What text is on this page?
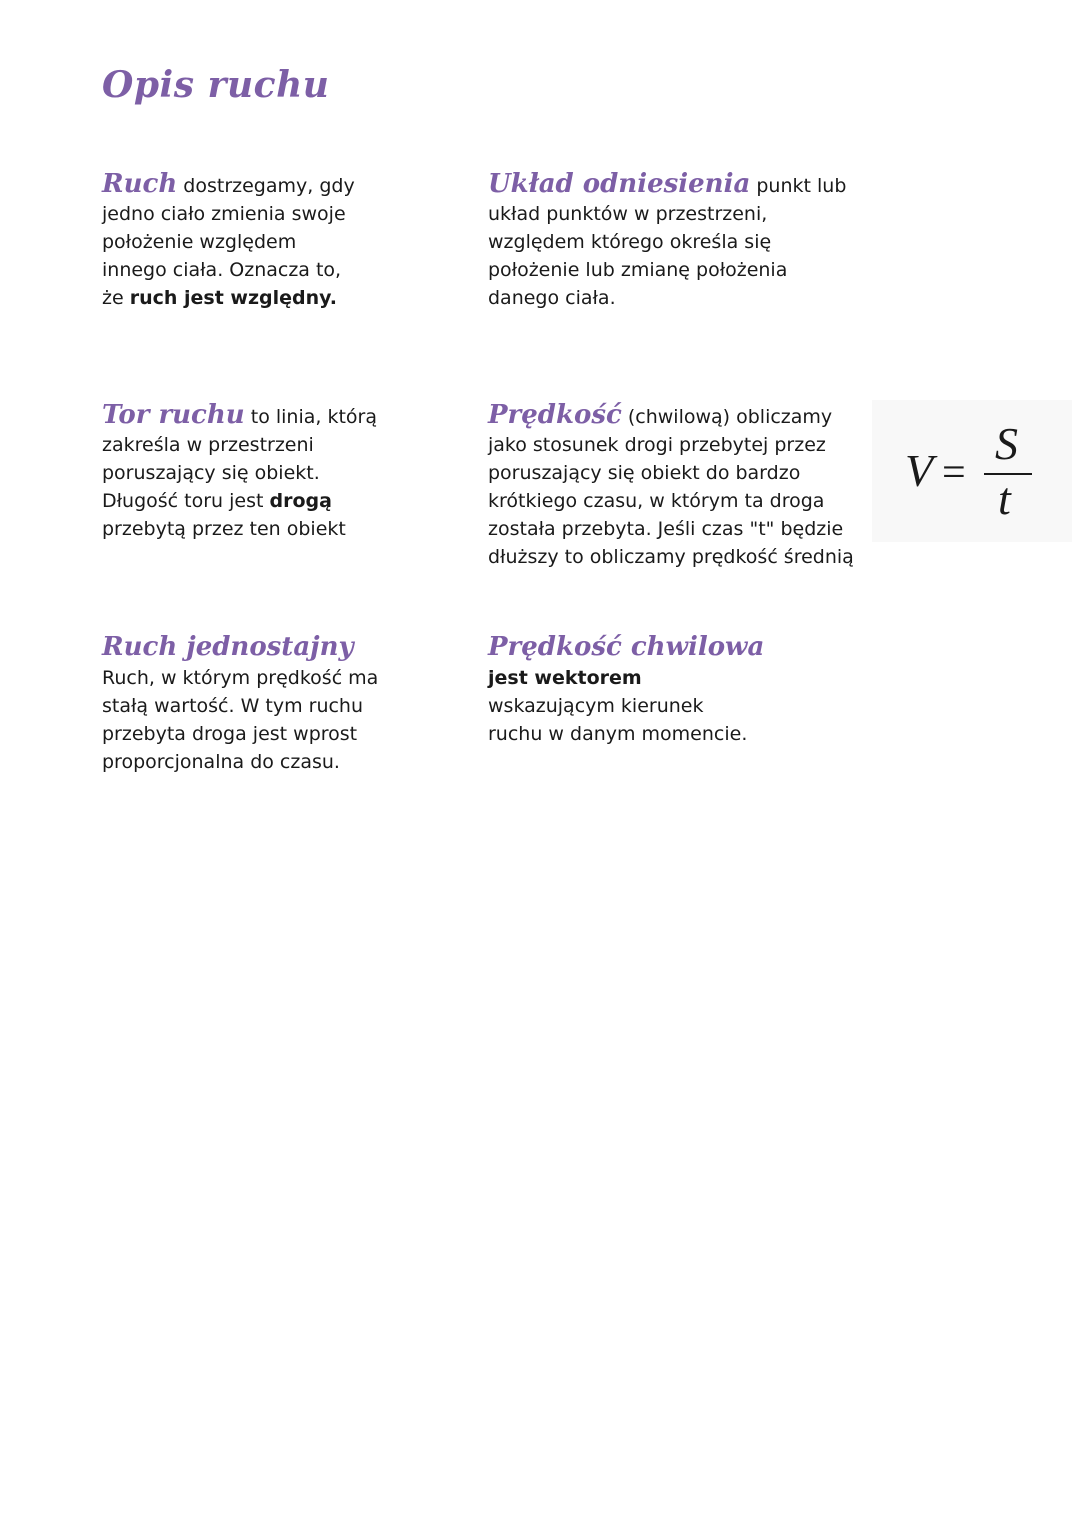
Opis ruchu

Ruch dostrzegamy, gdy

jedno ciało zmienia swoje

położenie względem

innego ciała. Oznacza to,

że ruch jest względny.

Układ odniesienia punkt lub

układ punktów w przestrzeni,

względem którego określa się

położenie lub zmianę położenia

danego ciała.

Tor ruchu to linia, którą

zakreśla w przestrzeni

poruszający się obiekt.

Długość toru jest drogą

przebytą przez ten obiekt

Prędkość (chwilową) obliczamy

jako stosunek drogi przebytej przez

poruszający się obiekt do bardzo

krótkiego czasu, w którym ta droga

została przebyta. Jeśli czas "t" będzie

dłuższy to obliczamy prędkość średnią

V =
S
t
Ruch jednostajny

Ruch, w którym prędkość ma

stałą wartość. W tym ruchu

przebyta droga jest wprost

proporcjonalna do czasu.

Prędkość chwilowa

jest wektorem

wskazującym kierunek

ruchu w danym momencie.
